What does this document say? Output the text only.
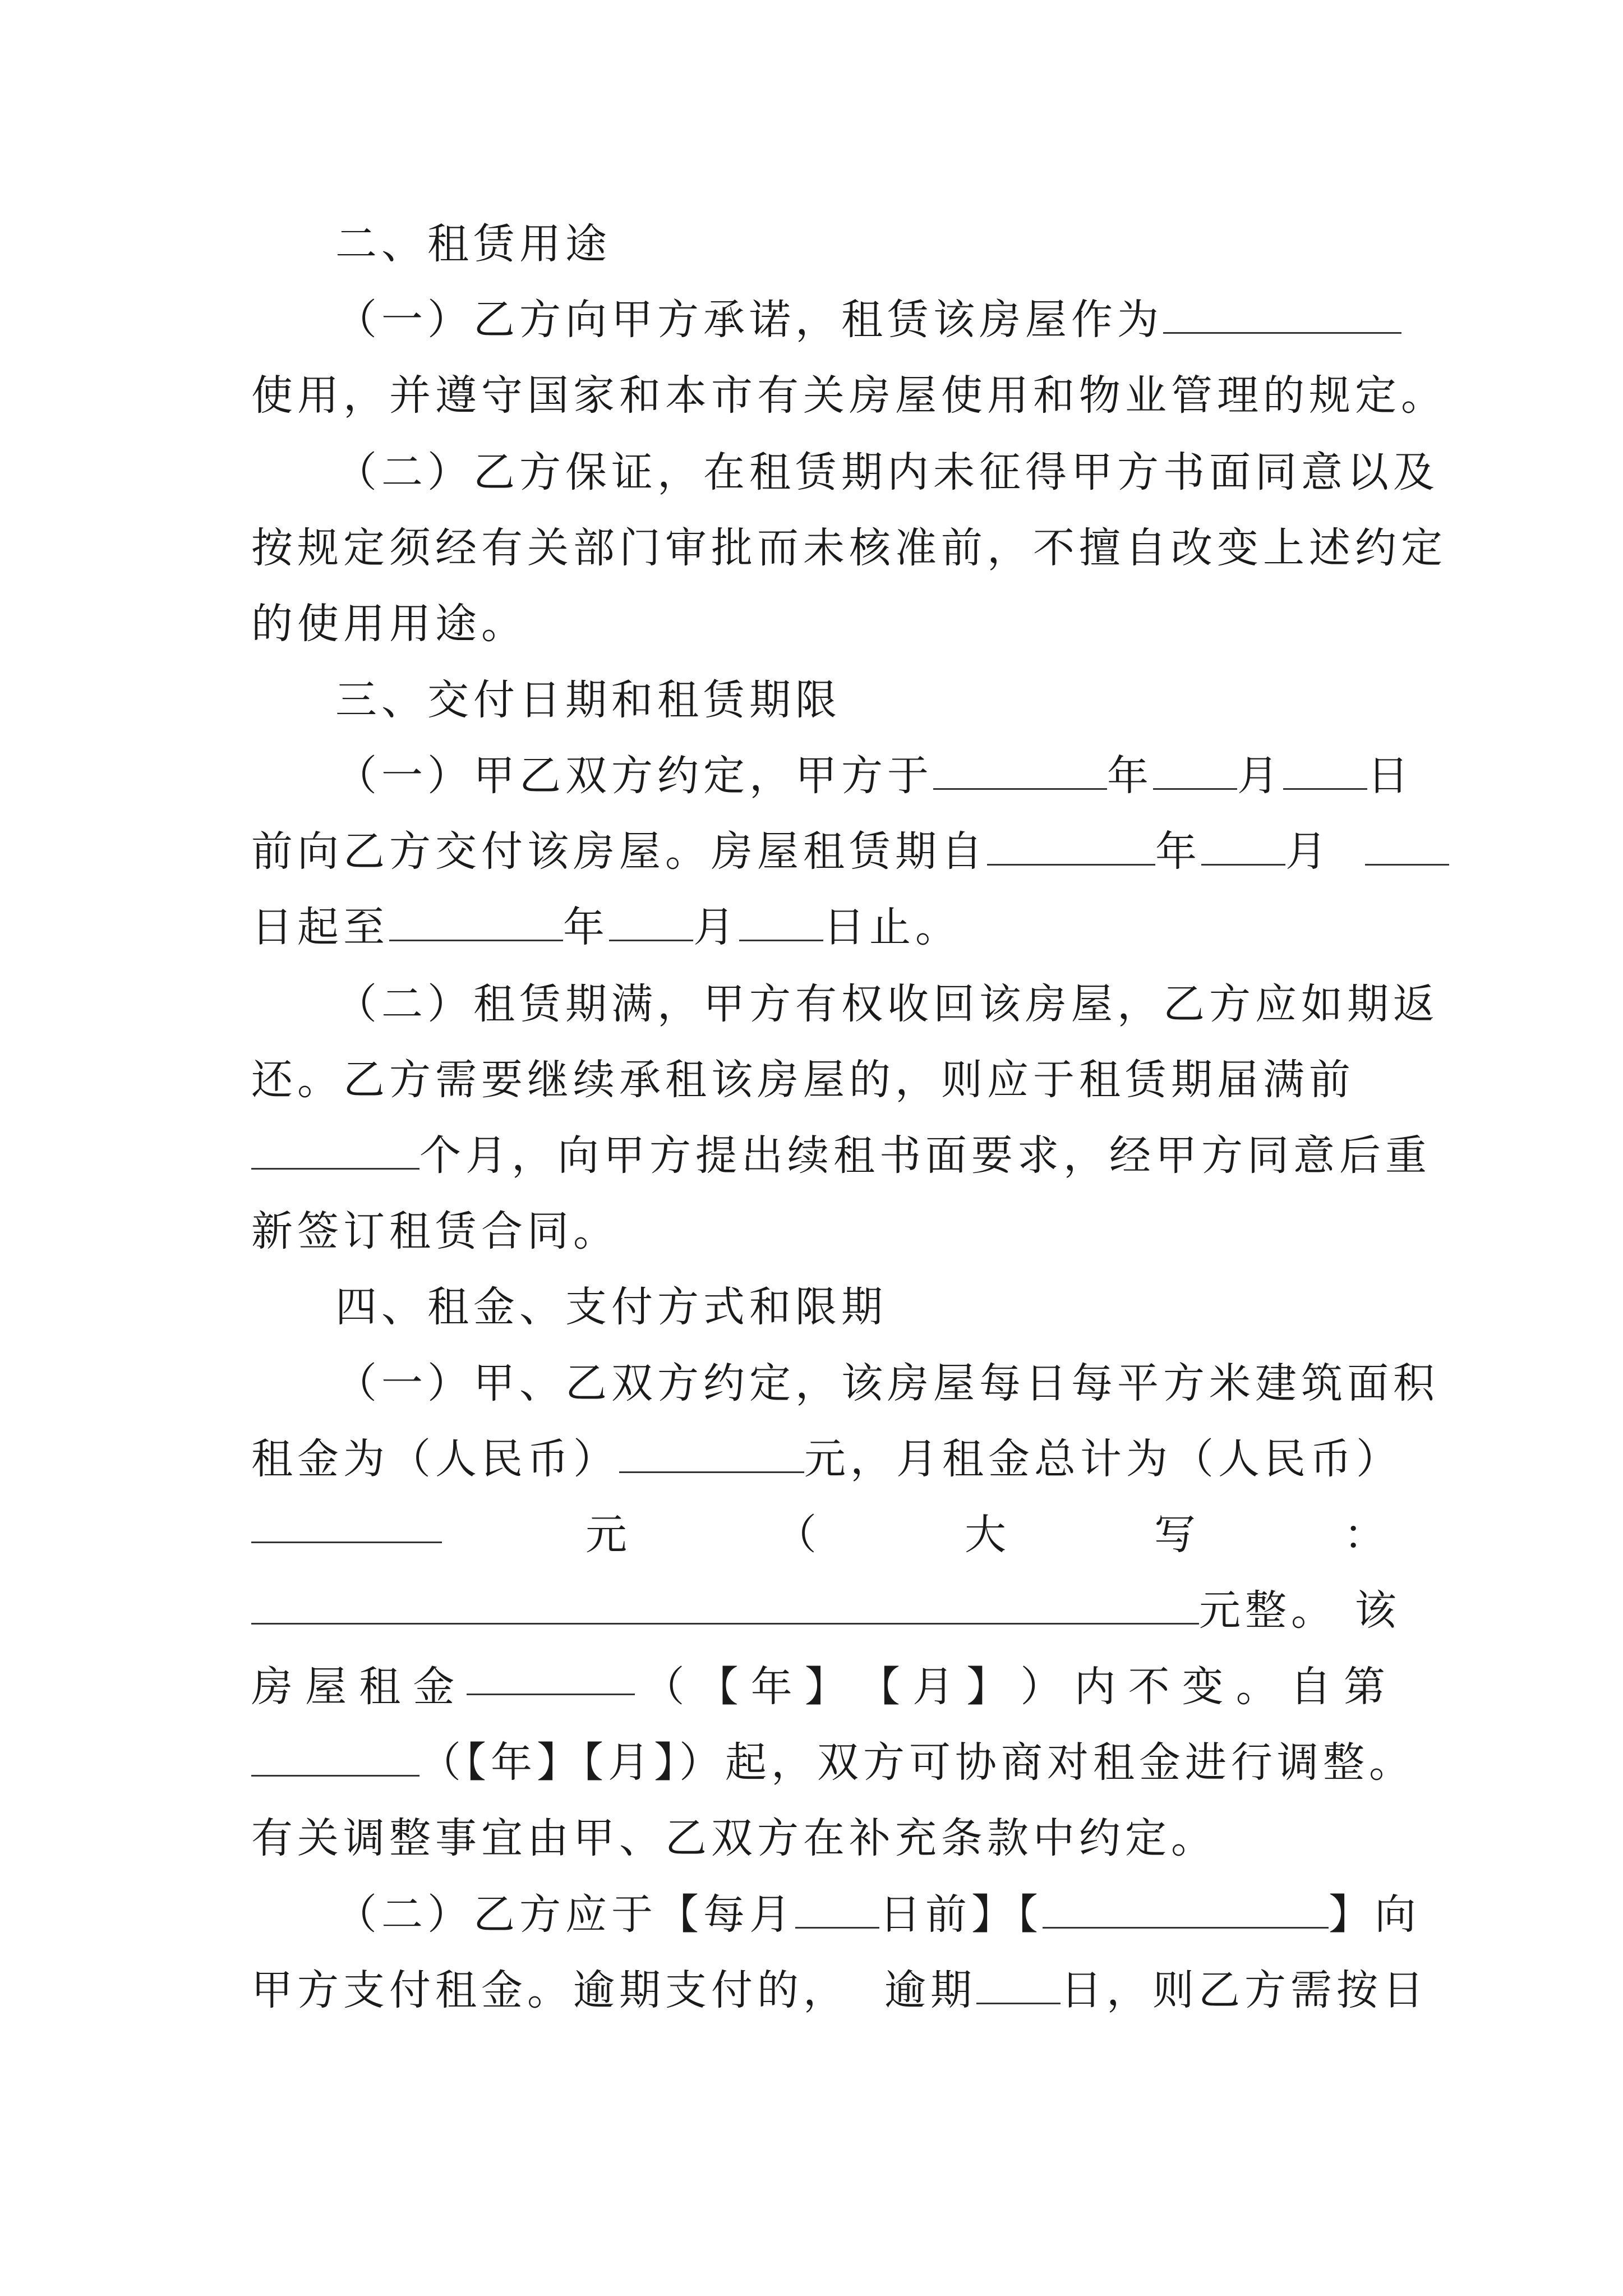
二、租赁用途
（一）乙方向甲方承诺，租赁该房屋作为
使用，并遵守国家和本市有关房屋使用和物业管理的规定。
（二）乙方保证，在租赁期内未征得甲方书面同意以及
按规定须经有关部门审批而未核准前，不擅自改变上述约定
的使用用途。
三、交付日期和租赁期限
（一）甲乙双方约定，甲方于	年 月 日
前向乙方交付该房屋。房屋租赁期自	年 月
日起至	年 月 日止。
（二）租赁期满，甲方有权收回该房屋，乙方应如期返
还。乙方需要继续承租该房屋的，则应于租赁期届满前
个月，向甲方提出续租书面要求，经甲方同意后重
新签订租赁合同。
四、租金、支付方式和限期
（一）甲、乙双方约定，该房屋每日每平方米建筑面积
租金为（人民币）	元，月租金总计为（人民币）
元	（	大	写	：
元整。 该
房 屋 租 金	（ 【 年 】 【 月 】 ） 内 不 变 。 自 第
（【年】【月】）起，双方可协商对租金进行调整。
有关调整事宜由甲、乙双方在补充条款中约定。
（二）乙方应于【每月 日前】【	】向
甲方支付租金。逾期支付的，  逾期 日，则乙方需按日
